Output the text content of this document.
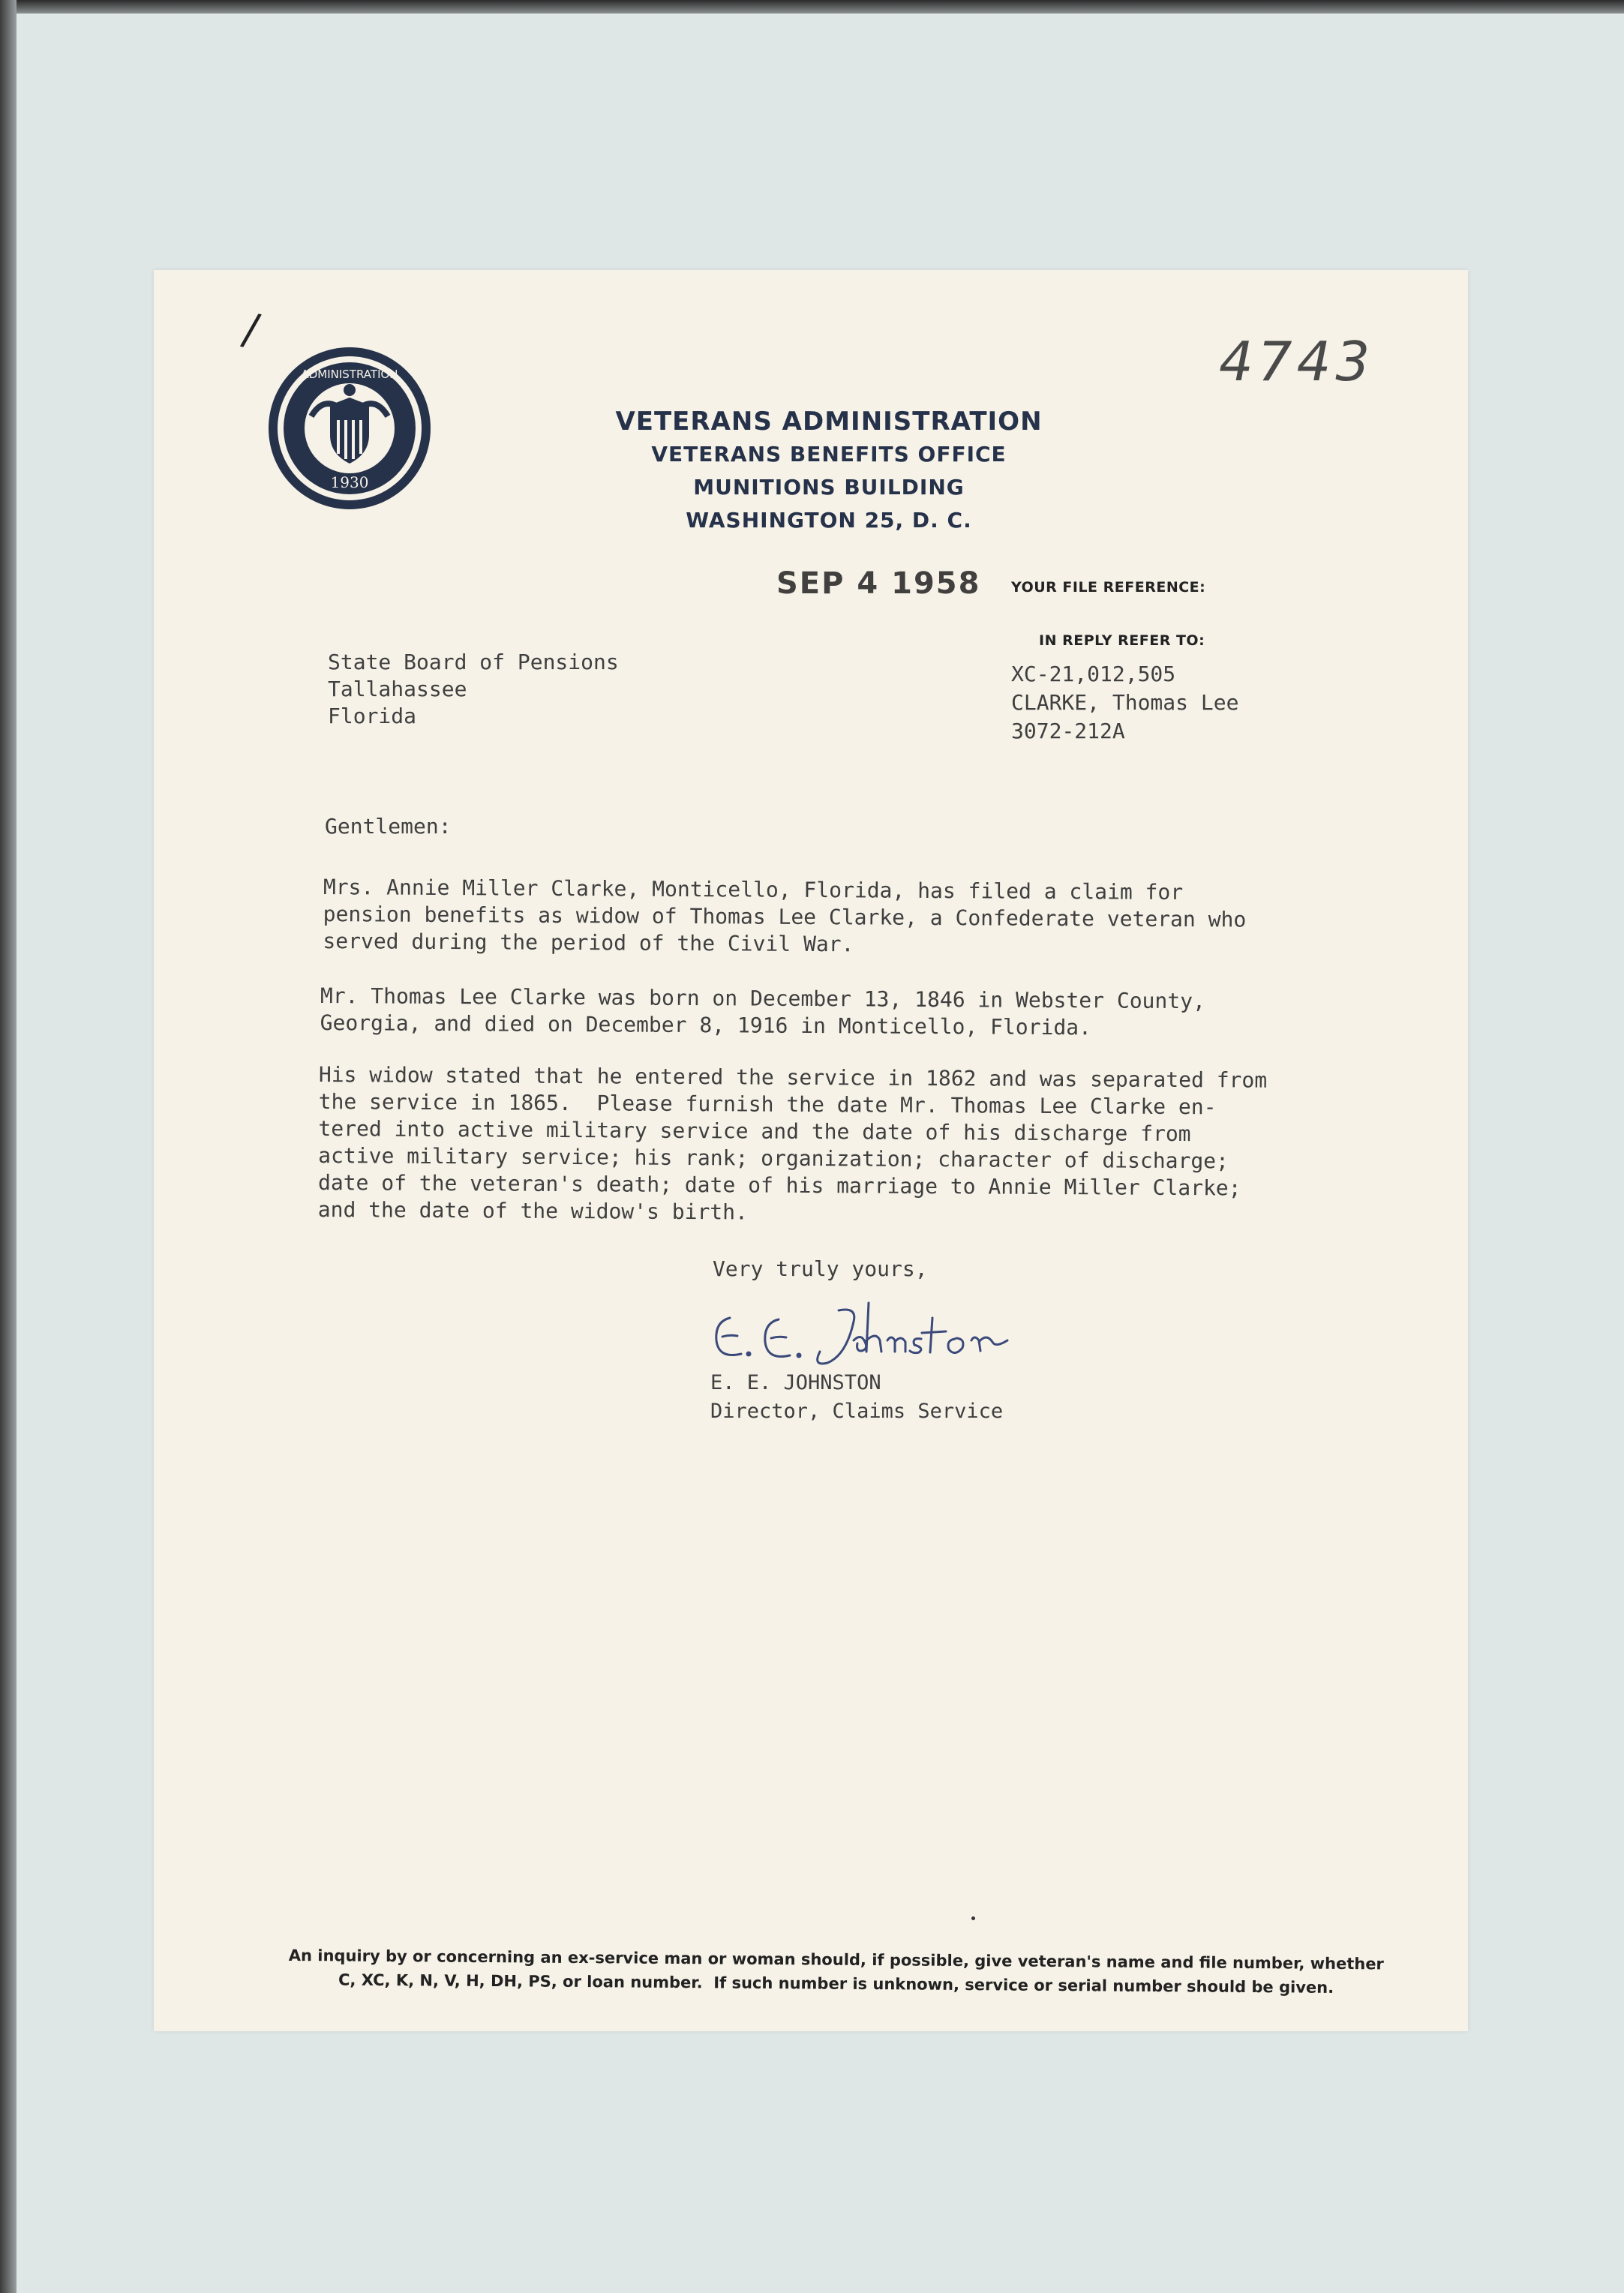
/
1930
ADMINISTRATION	4743
VETERANS ADMINISTRATION
VETERANS BENEFITS OFFICE
MUNITIONS BUILDING
WASHINGTON 25, D. C.
SEP 4 1958 YOUR FILE REFERENCE:
IN REPLY REFER TO:
XC-21,012,505
CLARKE, Thomas Lee
3072-212A
State Board of Pensions
Tallahassee
Florida
Gentlemen:
Mrs. Annie Miller Clarke, Monticello, Florida, has filed a claim for
pension benefits as widow of Thomas Lee Clarke, a Confederate veteran who
served during the period of the Civil War.
Mr. Thomas Lee Clarke was born on December 13, 1846 in Webster County,
Georgia, and died on December 8, 1916 in Monticello, Florida.
His widow stated that he entered the service in 1862 and was separated from
the service in 1865.  Please furnish the date Mr. Thomas Lee Clarke en-
tered into active military service and the date of his discharge from
active military service; his rank; organization; character of discharge;
date of the veteran's death; date of his marriage to Annie Miller Clarke;
and the date of the widow's birth.
Very truly yours,
E. E. JOHNSTON
Director, Claims Service
An inquiry by or concerning an ex-service man or woman should, if possible, give veteran's name and file number, whether
C, XC, K, N, V, H, DH, PS, or loan number.  If such number is unknown, service or serial number should be given.
